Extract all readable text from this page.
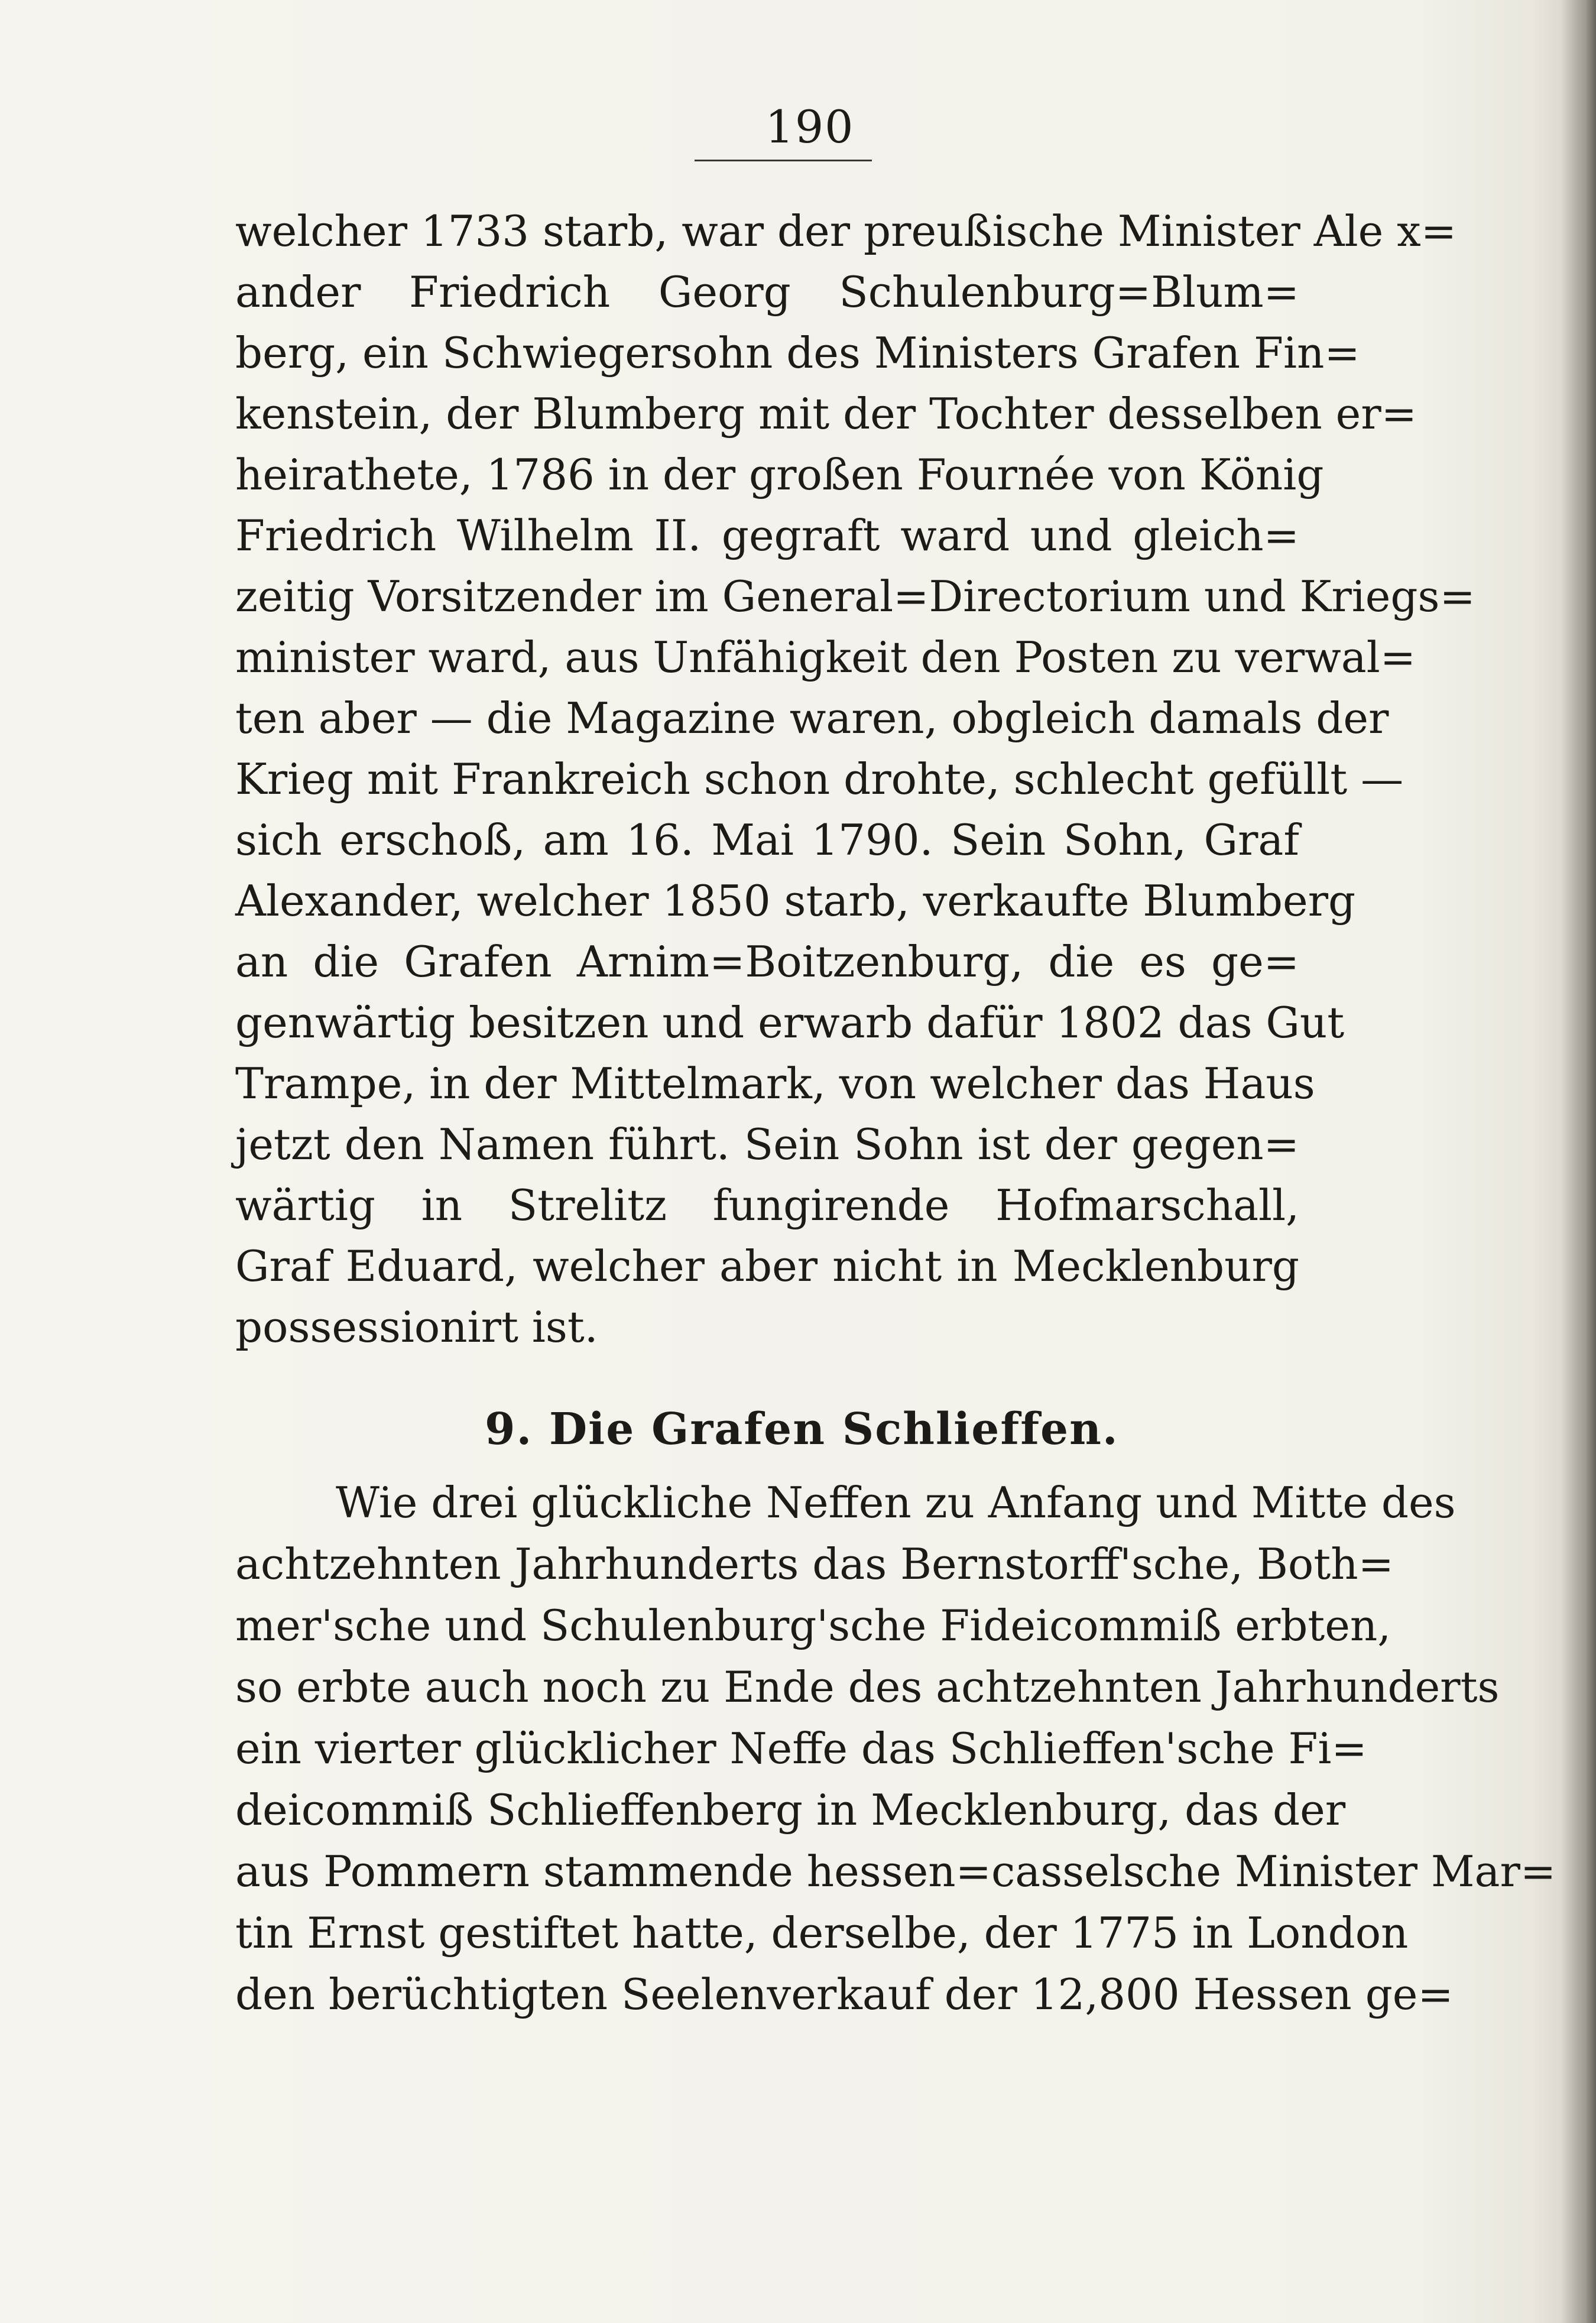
190
welcher 1733 starb, war der preußische Minister Ale x=
ander Friedrich Georg Schulenburg=Blum=
berg, ein Schwiegersohn des Ministers Grafen Fin=
kenstein, der Blumberg mit der Tochter desselben er=
heirathete, 1786 in der großen Fournée von König
Friedrich Wilhelm II. gegraft ward und gleich=
zeitig Vorsitzender im General=Directorium und Kriegs=
minister ward, aus Unfähigkeit den Posten zu verwal=
ten aber — die Magazine waren, obgleich damals der
Krieg mit Frankreich schon drohte, schlecht gefüllt —
sich erschoß, am 16. Mai 1790. Sein Sohn, Graf
Alexander, welcher 1850 starb, verkaufte Blumberg
an die Grafen Arnim=Boitzenburg, die es ge=
genwärtig besitzen und erwarb dafür 1802 das Gut
Trampe, in der Mittelmark, von welcher das Haus
jetzt den Namen führt. Sein Sohn ist der gegen=
wärtig in Strelitz fungirende Hofmarschall,
Graf Eduard, welcher aber nicht in Mecklenburg
possessionirt ist.
9. Die Grafen Schlieffen.
Wie drei glückliche Neffen zu Anfang und Mitte des
achtzehnten Jahrhunderts das Bernstorff'sche, Both=
mer'sche und Schulenburg'sche Fideicommiß erbten,
so erbte auch noch zu Ende des achtzehnten Jahrhunderts
ein vierter glücklicher Neffe das Schlieffen'sche Fi=
deicommiß Schlieffenberg in Mecklenburg, das der
aus Pommern stammende hessen=casselsche Minister Mar=
tin Ernst gestiftet hatte, derselbe, der 1775 in London
den berüchtigten Seelenverkauf der 12,800 Hessen ge=
